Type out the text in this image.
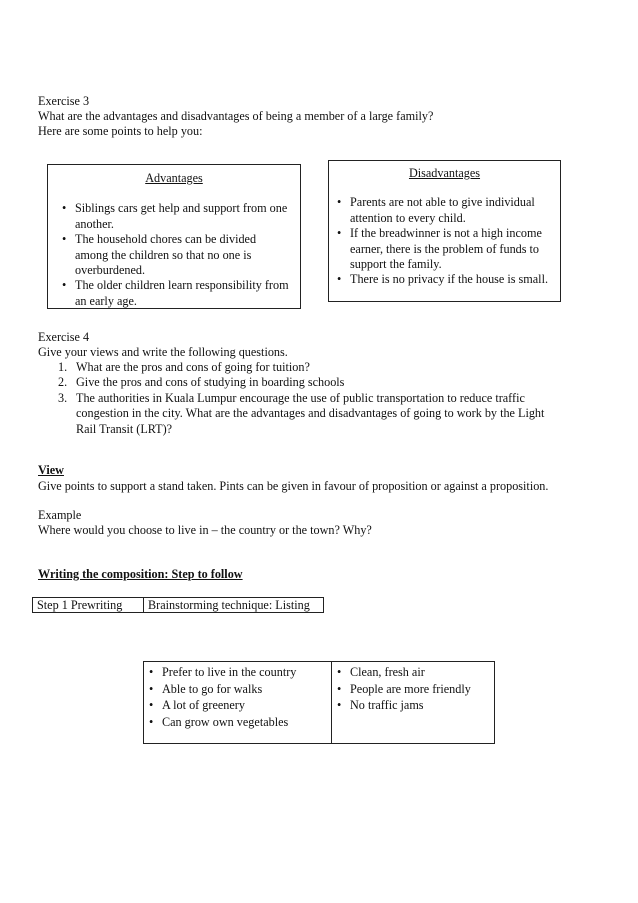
Exercise 3
What are the advantages and disadvantages of being a member of a large family?
Here are some points to help you:
Advantages
• Siblings cars get help and support from one
another.
• The household chores can be divided
among the children so that no one is
overburdened.
• The older children learn responsibility from
an early age.
Disadvantages
• Parents are not able to give individual
attention to every child.
• If the breadwinner is not a high income
earner, there is the problem of funds to
support the family.
• There is no privacy if the house is small.
Exercise 4
Give your views and write the following questions.
1. What are the pros and cons of going for tuition?
2. Give the pros and cons of studying in boarding schools
3. The authorities in Kuala Lumpur encourage the use of public transportation to reduce traffic
congestion in the city. What are the advantages and disadvantages of going to work by the Light
Rail Transit (LRT)?
View
Give points to support a stand taken. Pints can be given in favour of proposition or against a proposition.
Example
Where would you choose to live in – the country or the town? Why?
Writing the composition: Step to follow
Step 1 Prewriting	Brainstorming technique: Listing
• Prefer to live in the country
• Able to go for walks
• A lot of greenery
• Can grow own vegetables

• Clean, fresh air
• People are more friendly
• No traffic jams
